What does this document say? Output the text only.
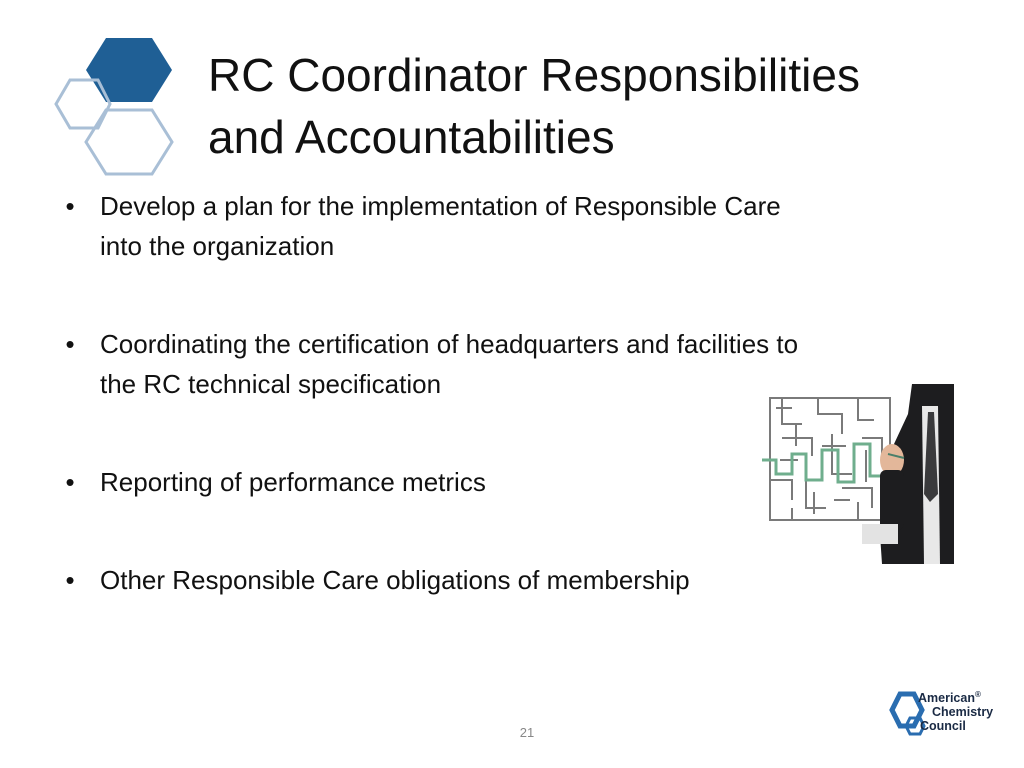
RC Coordinator Responsibilities
and Accountabilities
• Develop a plan for the implementation of Responsible Care
into the organization
• Coordinating the certification of headquarters and facilities to
the RC technical specification
• Reporting of performance metrics
• Other Responsible Care obligations of membership
21
American®
Chemistry
Council
